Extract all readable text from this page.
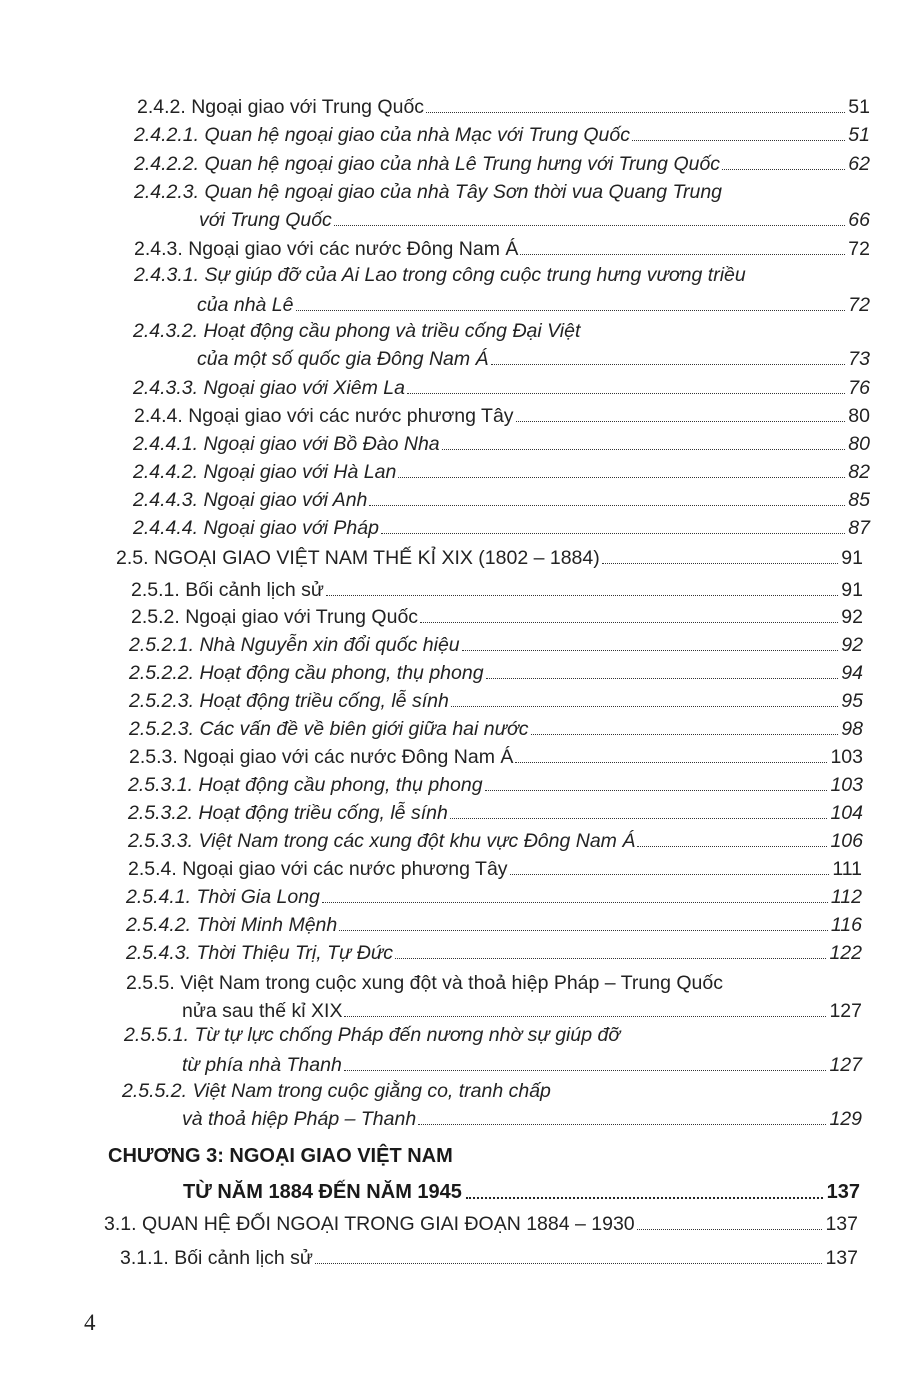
2.4.2. Ngoại giao với Trung Quốc	51
2.4.2.1. Quan hệ ngoại giao của nhà Mạc với Trung Quốc	51
2.4.2.2. Quan hệ ngoại giao của nhà Lê Trung hưng với Trung Quốc	62
2.4.2.3. Quan hệ ngoại giao của nhà Tây Sơn thời vua Quang Trung
với Trung Quốc	66
2.4.3. Ngoại giao với các nước Đông Nam Á	72
2.4.3.1. Sự giúp đỡ của Ai Lao trong công cuộc trung hưng vương triều
của nhà Lê	72
2.4.3.2. Hoạt động cầu phong và triều cống Đại Việt
của một số quốc gia Đông Nam Á	73
2.4.3.3. Ngoại giao với Xiêm La	76
2.4.4. Ngoại giao với các nước phương Tây	80
2.4.4.1. Ngoại giao với Bồ Đào Nha	80
2.4.4.2. Ngoại giao với Hà Lan	82
2.4.4.3. Ngoại giao với Anh	85
2.4.4.4. Ngoại giao với Pháp	87
2.5. NGOẠI GIAO VIỆT NAM THẾ KỈ XIX (1802 – 1884)	91
2.5.1. Bối cảnh lịch sử	91
2.5.2. Ngoại giao với Trung Quốc	92
2.5.2.1. Nhà Nguyễn xin đổi quốc hiệu	92
2.5.2.2. Hoạt động cầu phong, thụ phong	94
2.5.2.3. Hoạt động triều cống, lễ sính	95
2.5.2.3. Các vấn đề về biên giới giữa hai nước	98
2.5.3. Ngoại giao với các nước Đông Nam Á	103
2.5.3.1. Hoạt động cầu phong, thụ phong	103
2.5.3.2. Hoạt động triều cống, lễ sính	104
2.5.3.3. Việt Nam trong các xung đột khu vực Đông Nam Á	106
2.5.4. Ngoại giao với các nước phương Tây	111
2.5.4.1. Thời Gia Long	112
2.5.4.2. Thời Minh Mệnh	116
2.5.4.3. Thời Thiệu Trị, Tự Đức	122
2.5.5. Việt Nam trong cuộc xung đột và thoả hiệp Pháp – Trung Quốc
nửa sau thế kỉ XIX	127
2.5.5.1. Từ tự lực chống Pháp đến nương nhờ sự giúp đỡ
từ phía nhà Thanh	127
2.5.5.2. Việt Nam trong cuộc giằng co, tranh chấp
và thoả hiệp Pháp – Thanh	129
CHƯƠNG 3: NGOẠI GIAO VIỆT NAM
TỪ NĂM 1884 ĐẾN NĂM 1945	137
3.1. QUAN HỆ ĐỐI NGOẠI TRONG GIAI ĐOẠN 1884 – 1930	137
3.1.1. Bối cảnh lịch sử	137
4
